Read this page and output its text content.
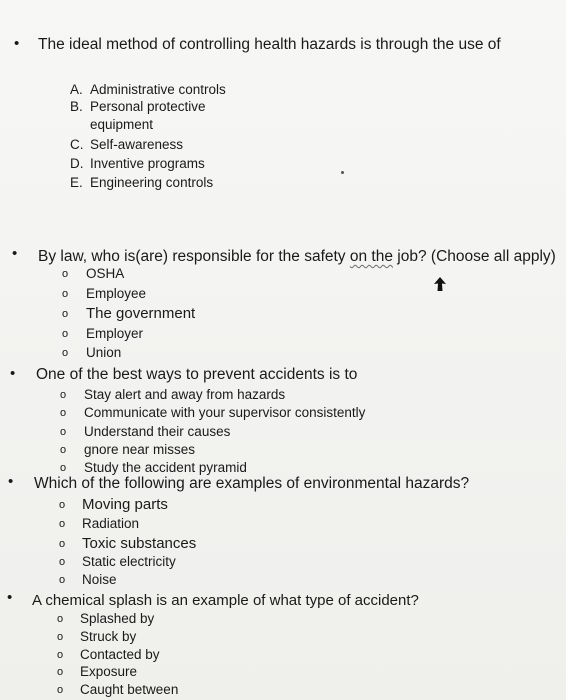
• The ideal method of controlling health hazards is through the use of
A. Administrative controls
B. Personal protective
equipment
C. Self-awareness
D. Inventive programs
E. Engineering controls
• By law, who is(are) responsible for the safety on the job? (Choose all apply)
o OSHA
o Employee
o The government
o Employer
o Union
• One of the best ways to prevent accidents is to
o Stay alert and away from hazards
o Communicate with your supervisor consistently
o Understand their causes
o gnore near misses
o Study the accident pyramid
• Which of the following are examples of environmental hazards?
o Moving parts
o Radiation
o Toxic substances
o Static electricity
o Noise
• A chemical splash is an example of what type of accident?
o Splashed by
o Struck by
o Contacted by
o Exposure
o Caught between
